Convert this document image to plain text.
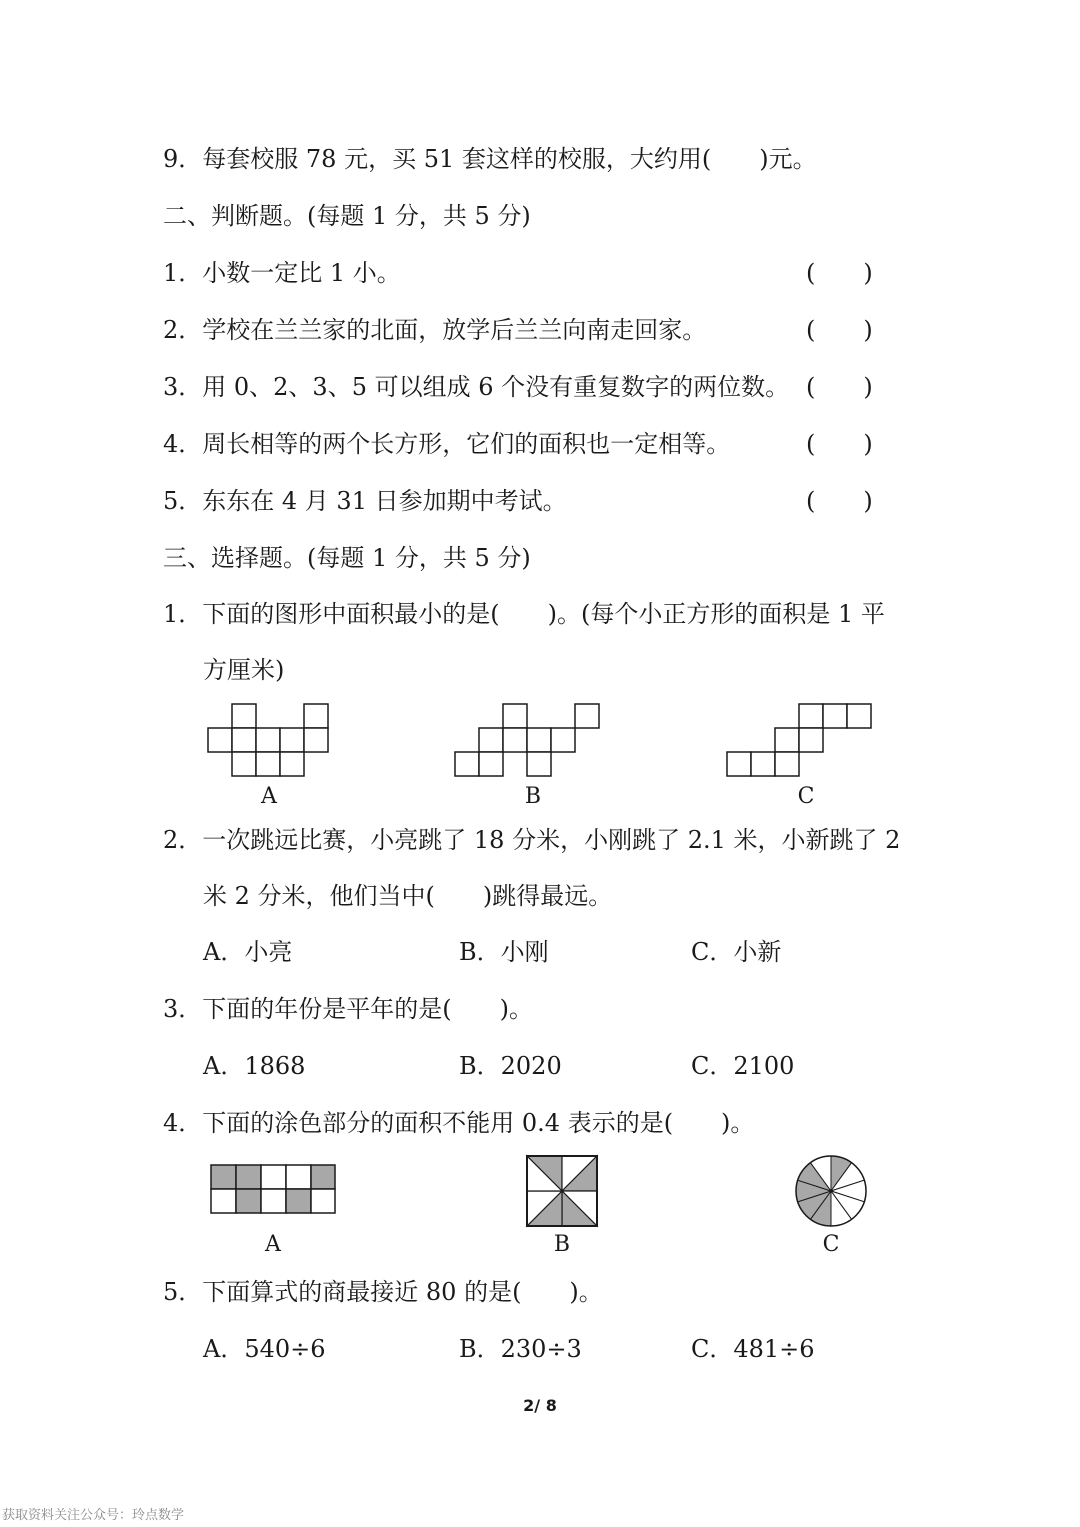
9．每套校服 78 元，买 51 套这样的校服，大约用(　　)元。
二、判断题。(每题 1 分，共 5 分)
1．小数一定比 1 小。	(　　)
2．学校在兰兰家的北面，放学后兰兰向南走回家。	(　　)
3．用 0、2、3、5 可以组成 6 个没有重复数字的两位数。 (　　)
4．周长相等的两个长方形，它们的面积也一定相等。	(　　)
5．东东在 4 月 31 日参加期中考试。	(　　)
三、选择题。(每题 1 分，共 5 分)
1．下面的图形中面积最小的是(　　)。(每个小正方形的面积是 1 平
方厘米)
A	B	C
2．一次跳远比赛，小亮跳了 18 分米，小刚跳了 2.1 米，小新跳了 2
米 2 分米，他们当中(　　)跳得最远。
A．小亮	B．小刚	C．小新
3．下面的年份是平年的是(　　)。
A．1868	B．2020	C．2100
4．下面的涂色部分的面积不能用 0.4 表示的是(　　)。
A	B	C
5．下面算式的商最接近 80 的是(　　)。
A．540÷6	B．230÷3	C．481÷6
2/ 8
获取资料关注公众号：玲点数学
